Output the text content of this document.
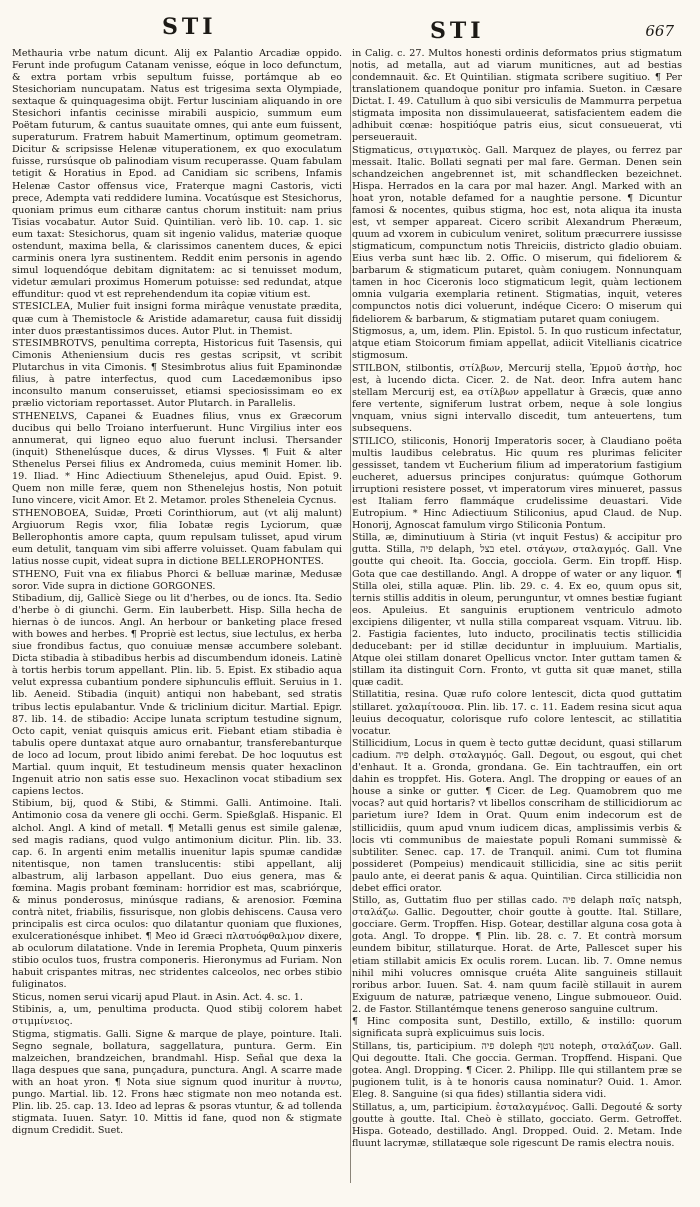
STI	STI	667

Methauria vrbe natum dicunt. Alij ex Palantio Arcadiæ oppido. Ferunt inde profugum Catanam venisse, eóque in loco defunctum, & extra portam vrbis sepultum fuisse, portámque ab eo Stesichoriam nuncupatam. Natus est trigesima sexta Olympiade, sextaque & quinquagesima obijt. Fertur lusciniam aliquando in ore Stesichori infantis cecinisse mirabili auspicio, summum eum Poëtam futurum, & cantus suauitate omnes, qui ante eum fuissent, superaturum. Fratrem habuit Mamertinum, optimum geometram. Dicitur & scripsisse Helenæ vituperationem, ex quo exoculatum fuisse, rursúsque ob palinodiam visum recuperasse. Quam fabulam tetigit & Horatius in Epod. ad Canidiam sic scribens, Infamis Helenæ Castor offensus vice, Fraterque magni Castoris, victi prece, Adempta vati reddidere lumina. Vocatúsque est Stesichorus, quoniam primus eum citharæ cantus chorum instituit: nam prius Tisias vocabatur. Autor Suid. Quintilian. verò lib. 10. cap. 1. sic eum taxat: Stesichorus, quam sit ingenio validus, materiæ quoque ostendunt, maxima bella, & clarissimos canentem duces, & epici carminis onera lyra sustinentem. Reddit enim personis in agendo simul loquendóque debitam dignitatem: ac si tenuisset modum, videtur æmulari proximus Homerum potuisse: sed redundat, atque effunditur: quod vt est reprehendendum ita copiæ vitium est.

STESICLEA, Mulier fuit insigni forma mirâque venustate prædita, quæ cum à Themistocle & Aristide adamaretur, causa fuit dissidij inter duos præstantissimos duces. Autor Plut. in Themist.

STESIMBROTVS, penultima correpta, Historicus fuit Tasensis, qui Cimonis Atheniensium ducis res gestas scripsit, vt scribit Plutarchus in vita Cimonis. ¶ Stesimbrotus alius fuit Epaminondæ filius, à patre interfectus, quod cum Lacedæmonibus ipso inconsulto manum conseruisset, etiamsi speciosissimam eo ex prælio victoriam reportasset. Autor Plutarch. in Parallelis.

STHENELVS, Capanei & Euadnes filius, vnus ex Græcorum ducibus qui bello Troiano interfuerunt. Hunc Virgilius inter eos annumerat, qui ligneo equo aluo fuerunt inclusi. Thersander (inquit) Sthenelúsque duces, & dirus Vlysses. ¶ Fuit & alter Sthenelus Persei filius ex Andromeda, cuius meminit Homer. lib. 19. Iliad. * Hinc Adiectiuum Sthenelejus, apud Ouid. Epist. 9. Quem non mille feræ, quem non Sthenelejus hostis, Non potuit Iuno vincere, vicit Amor. Et 2. Metamor. proles Stheneleia Cycnus.

STHENOBOEA, Suidæ, Prœti Corinthiorum, aut (vt alij malunt) Argiuorum Regis vxor, filia Iobatæ regis Lyciorum, quæ Bellerophontis amore capta, quum repulsam tulisset, apud virum eum detulit, tanquam vim sibi afferre voluisset. Quam fabulam qui latius nosse cupit, videat supra in dictione BELLEROPHONTES.

STHENO, Fuit vna ex filiabus Phorci & belluæ marinæ, Medusæ soror. Vide supra in dictione GORGONES.

Stibadium, dij, Gallicè Siege ou lit d'herbes, ou de ioncs. Ita. Sedio d'herbe ò di giunchi. Germ. Ein lauberbett. Hisp. Silla hecha de hiernas ò de iuncos. Angl. An herbour or banketing place fresed with bowes and herbes. ¶ Propriè est lectus, siue lectulus, ex herba siue frondibus factus, quo conuiuæ mensæ accumbere solebant. Dicta stibadia à stibadibus herbis ad discumbendum idoneis. Latinè à tortis herbis torum appellant. Plin. lib. 5. Epist. Ex stibadio aqua velut expressa cubantium pondere siphunculis effluit. Seruius in 1. lib. Aeneid. Stibadia (inquit) antiqui non habebant, sed stratis tribus lectis epulabantur. Vnde & triclinium dicitur. Martial. Epigr. 87. lib. 14. de stibadio: Accipe lunata scriptum testudine signum, Octo capit, veniat quisquis amicus erit. Fiebant etiam stibadia è tabulis opere duntaxat atque auro ornabantur, transferebanturque de loco ad locum, prout libido animi ferebat. De hoc loquutus est Martial. quum inquit, Et testudineum mensis quater hexaclinon Ingenuit atrio non satis esse suo. Hexaclinon vocat stibadium sex capiens lectos.

Stibium, bij, quod & Stibi, & Stimmi. Galli. Antimoine. Itali. Antimonio cosa da venere gli occhi. Germ. Spießglaß. Hispanic. El alchol. Angl. A kind of metall. ¶ Metalli genus est simile galenæ, sed magis radians, quod vulgo antimonium dicitur. Plin. lib. 33. cap. 6. In argenti enim metallis inuenitur lapis spumæ candidæ nitentisque, non tamen translucentis: stibi appellant, alij albastrum, alij larbason appellant. Duo eius genera, mas & fœmina. Magis probant fœminam: horridior est mas, scabriórque, & minus ponderosus, minúsque radians, & arenosior. Fœmina contrà nitet, friabilis, fissurisque, non globis dehiscens. Causa vero principalis est circa oculos: quo dilatantur quoniam que fluxiones, exulcerationésque inhibet. ¶ Meo id Græci πλατυόφθαλμον dixere, ab oculorum dilatatione. Vnde in Ieremia Propheta, Quum pinxeris stibio oculos tuos, frustra componeris. Hieronymus ad Furiam. Non habuit crispantes mitras, nec stridentes calceolos, nec orbes stibio fuliginatos.

Sticus, nomen serui vicarij apud Plaut. in Asin. Act. 4. sc. 1.

Stibinis, a, um, penultima producta. Quod stibij colorem habet στιμμίνειος.

Stigma, stigmatis. Galli. Signe & marque de playe, pointure. Itali. Segno segnale, bollatura, saggellatura, puntura. Germ. Ein malzeichen, brandzeichen, brandmahl. Hisp. Señal que dexa la llaga despues que sana, punçadura, punctura. Angl. A scarre made with an hoat yron. ¶ Nota siue signum quod inuritur à πυντω, pungo. Martial. lib. 12. Frons hæc stigmate non meo notanda est. Plin. lib. 25. cap. 13. Ideo ad lepras & psoras vtuntur, & ad tollenda stigmata. Iuuen. Satyr. 10. Mittis id fane, quod non & stigmate dignum Credidit. Suet.

in Calig. c. 27. Multos honesti ordinis deformatos prius stigmatum notis, ad metalla, aut ad viarum muniticnes, aut ad bestias condemnauit. &c. Et Quintilian. stigmata scribere sugitiuo. ¶ Per translationem quandoque ponitur pro infamia. Sueton. in Cæsare Dictat. I. 49. Catullum à quo sibi versiculis de Mammurra perpetua stigmata imposita non dissimulaueerat, satisfacientem eadem die adhibuit cœnæ: hospitióque patris eius, sicut consueuerat, vti perseuerauit.

Stigmaticus, στιγματικὸς. Gall. Marquez de playes, ou ferrez par messait. Italic. Bollati segnati per mal fare. German. Denen sein schandzeichen angebrennet ist, mit schandflecken bezeichnet. Hispa. Herrados en la cara por mal hazer. Angl. Marked with an hoat yron, notable defamed for a naughtie persone. ¶ Dicuntur famosi & nocentes, quibus stigma, hoc est, nota aliqua ita inusta est, vt semper appareat. Cicero scribit Alexandrum Pheræum, quum ad vxorem in cubiculum veniret, solitum præcurrere iussisse stigmaticum, compunctum notis Threiciis, districto gladio obuiam. Eius verba sunt hæc lib. 2. Offic. O miserum, qui fideliorem & barbarum & stigmaticum putaret, quàm coniugem. Nonnunquam tamen in hoc Ciceronis loco stigmaticum legit, quàm lectionem omnia vulgaria exemplaria retinent. Stigmatias, inquit, veteres compunctos notis dici voluerunt, indéque Cicero: O miserum qui fideliorem & barbarum, & stigmatiam putaret quam coniugem.

Stigmosus, a, um, idem. Plin. Epistol. 5. In quo rusticum infectatur, atque etiam Stoicorum fimiam appellat, adiicit Vitellianis cicatrice stigmosum.

STILBON, stilbontis, στίλβων, Mercurij stella, Ἑρμοῦ ἀστὴρ, hoc est, à lucendo dicta. Cicer. 2. de Nat. deor. Infra autem hanc stellam Mercurij est, ea στίλβων appellatur à Græcis, quæ anno fere vertente, signiferum lustrat orbem, neque à sole longius vnquam, vnius signi intervallo discedit, tum anteuertens, tum subsequens.

STILICO, stiliconis, Honorij Imperatoris socer, à Claudiano poëta multis laudibus celebratus. Hic quum res plurimas feliciter gessisset, tandem vt Eucherium filium ad imperatorium fastigium eucheret, aduersus principes conjuratus: quúmque Gothorum irruptioni resistere posset, vt imperatorum vires minueret, passus est Italiam ferro flammáque crudelissime deuastari. Vide Eutropium. * Hinc Adiectiuum Stiliconius, apud Claud. de Nup. Honorij, Agnoscat famulum virgo Stiliconia Pontum.

Stilla, æ, diminutiuum à Stiria (vt inquit Festus) & accipitur pro gutta. Stilla, פיה delaph, בצל etel. στάγων, σταλαγμός. Gall. Vne goutte qui cheoit. Ita. Goccia, gocciola. Germ. Ein tropff. Hisp. Gota que cae destillando. Angl. A droppe of water or any liquor. ¶ Stilla olei, stilla aquæ. Plin. lib. 29. c. 4. Ex eo, quum opus sit, ternis stillis additis in oleum, perunguntur, vt omnes bestiæ fugiant eos. Apuleius. Et sanguinis eruptionem ventriculo admoto excipiens diligenter, vt nulla stilla compareat vsquam. Vitruu. lib. 2. Fastigia facientes, luto inducto, procilinatis tectis stillicidia deducebant: per id stillæ deciduntur in impluuium. Martialis, Atque olei stillam donaret Opellicus vnctor. Inter guttam tamen & stillam ita distinguit Corn. Fronto, vt gutta sit quæ manet, stilla quæ cadit.

Stillatitia, resina. Quæ rufo colore lentescit, dicta quod guttatim stillaret. χαλαμίτουσα. Plin. lib. 17. c. 11. Eadem resina sicut aqua leuius decoquatur, colorisque rufo colore lentescit, ac stillatitia vocatur.

Stillicidium, Locus in quem è tecto guttæ decidunt, quasi stillarum cadium. פיה delph. σταλαγμός. Gall. Degout, ou esgout, qui chet d'enhaut. It a. Gronda, grondana. Ge. Ein tachtrauffen, ein ort dahin es troppfet. His. Gotera. Angl. The dropping or eaues of an house a sinke or gutter. ¶ Cicer. de Leg. Quamobrem quo me vocas? aut quid hortaris? vt libellos conscriham de stillicidiorum ac parietum iure? Idem in Orat. Quum enim indecorum est de stillicidiis, quum apud vnum iudicem dicas, amplissimis verbis & locis vti communibus de maiestate populi Romani summissè & subtiliter. Senec. cap. 17. de Tranquil. animi. Cum tot flumina possideret (Pompeius) mendicauit stillicidia, sine ac sitis periit paulo ante, ei deerat panis & aqua. Quintilian. Circa stillicidia non debet effici orator.

Stillo, as, Guttatim fluo per stillas cado. פיה delaph παῖς natsph, σταλάζω. Gallic. Degoutter, choir goutte à goutte. Ital. Stillare, gocciare. Germ. Tropffen. Hisp. Gotear, destillar alguna cosa gota à gota. Angl. To droppe. ¶ Plin. lib. 28. c. 7. Et contrà morsum eundem bibitur, stillaturque. Horat. de Arte, Pallescet super his etiam stillabit amicis Ex oculis rorem. Lucan. lib. 7. Omne nemus nihil mihi volucres omnisque cruéta Alite sanguineis stillauit roribus arbor. Iuuen. Sat. 4. nam quum facilè stillauit in aurem Exiguum de naturæ, patriæque veneno, Lingue submoueor. Ouid. 2. de Fastor. Stillantémque tenens generoso sanguine cultrum.

¶ Hinc composita sunt, Destillo, extillo, & instillo: quorum significata suprà explicuimus suis locis.

Stillans, tis, participium. פיה doleph נוטף noteph, σταλάζων. Gall. Qui degoutte. Itali. Che goccia. German. Tropffend. Hispani. Que gotea. Angl. Dropping. ¶ Cicer. 2. Philipp. Ille qui stillantem præ se pugionem tulit, is à te honoris causa nominatur? Ouid. 1. Amor. Eleg. 8. Sanguine (si qua fides) stillantia sidera vidi.

Stillatus, a, um, participium. ἐσταλαγμένος. Galli. Degouté & sorty goutte à goutte. Ital. Cheò è stillato, gocciato. Germ. Getroffet. Hispa. Goteado, destillado. Angl. Dropped. Ouid. 2. Metam. Inde fluunt lacrymæ, stillatæque sole rigescunt De ramis electra nouis.
